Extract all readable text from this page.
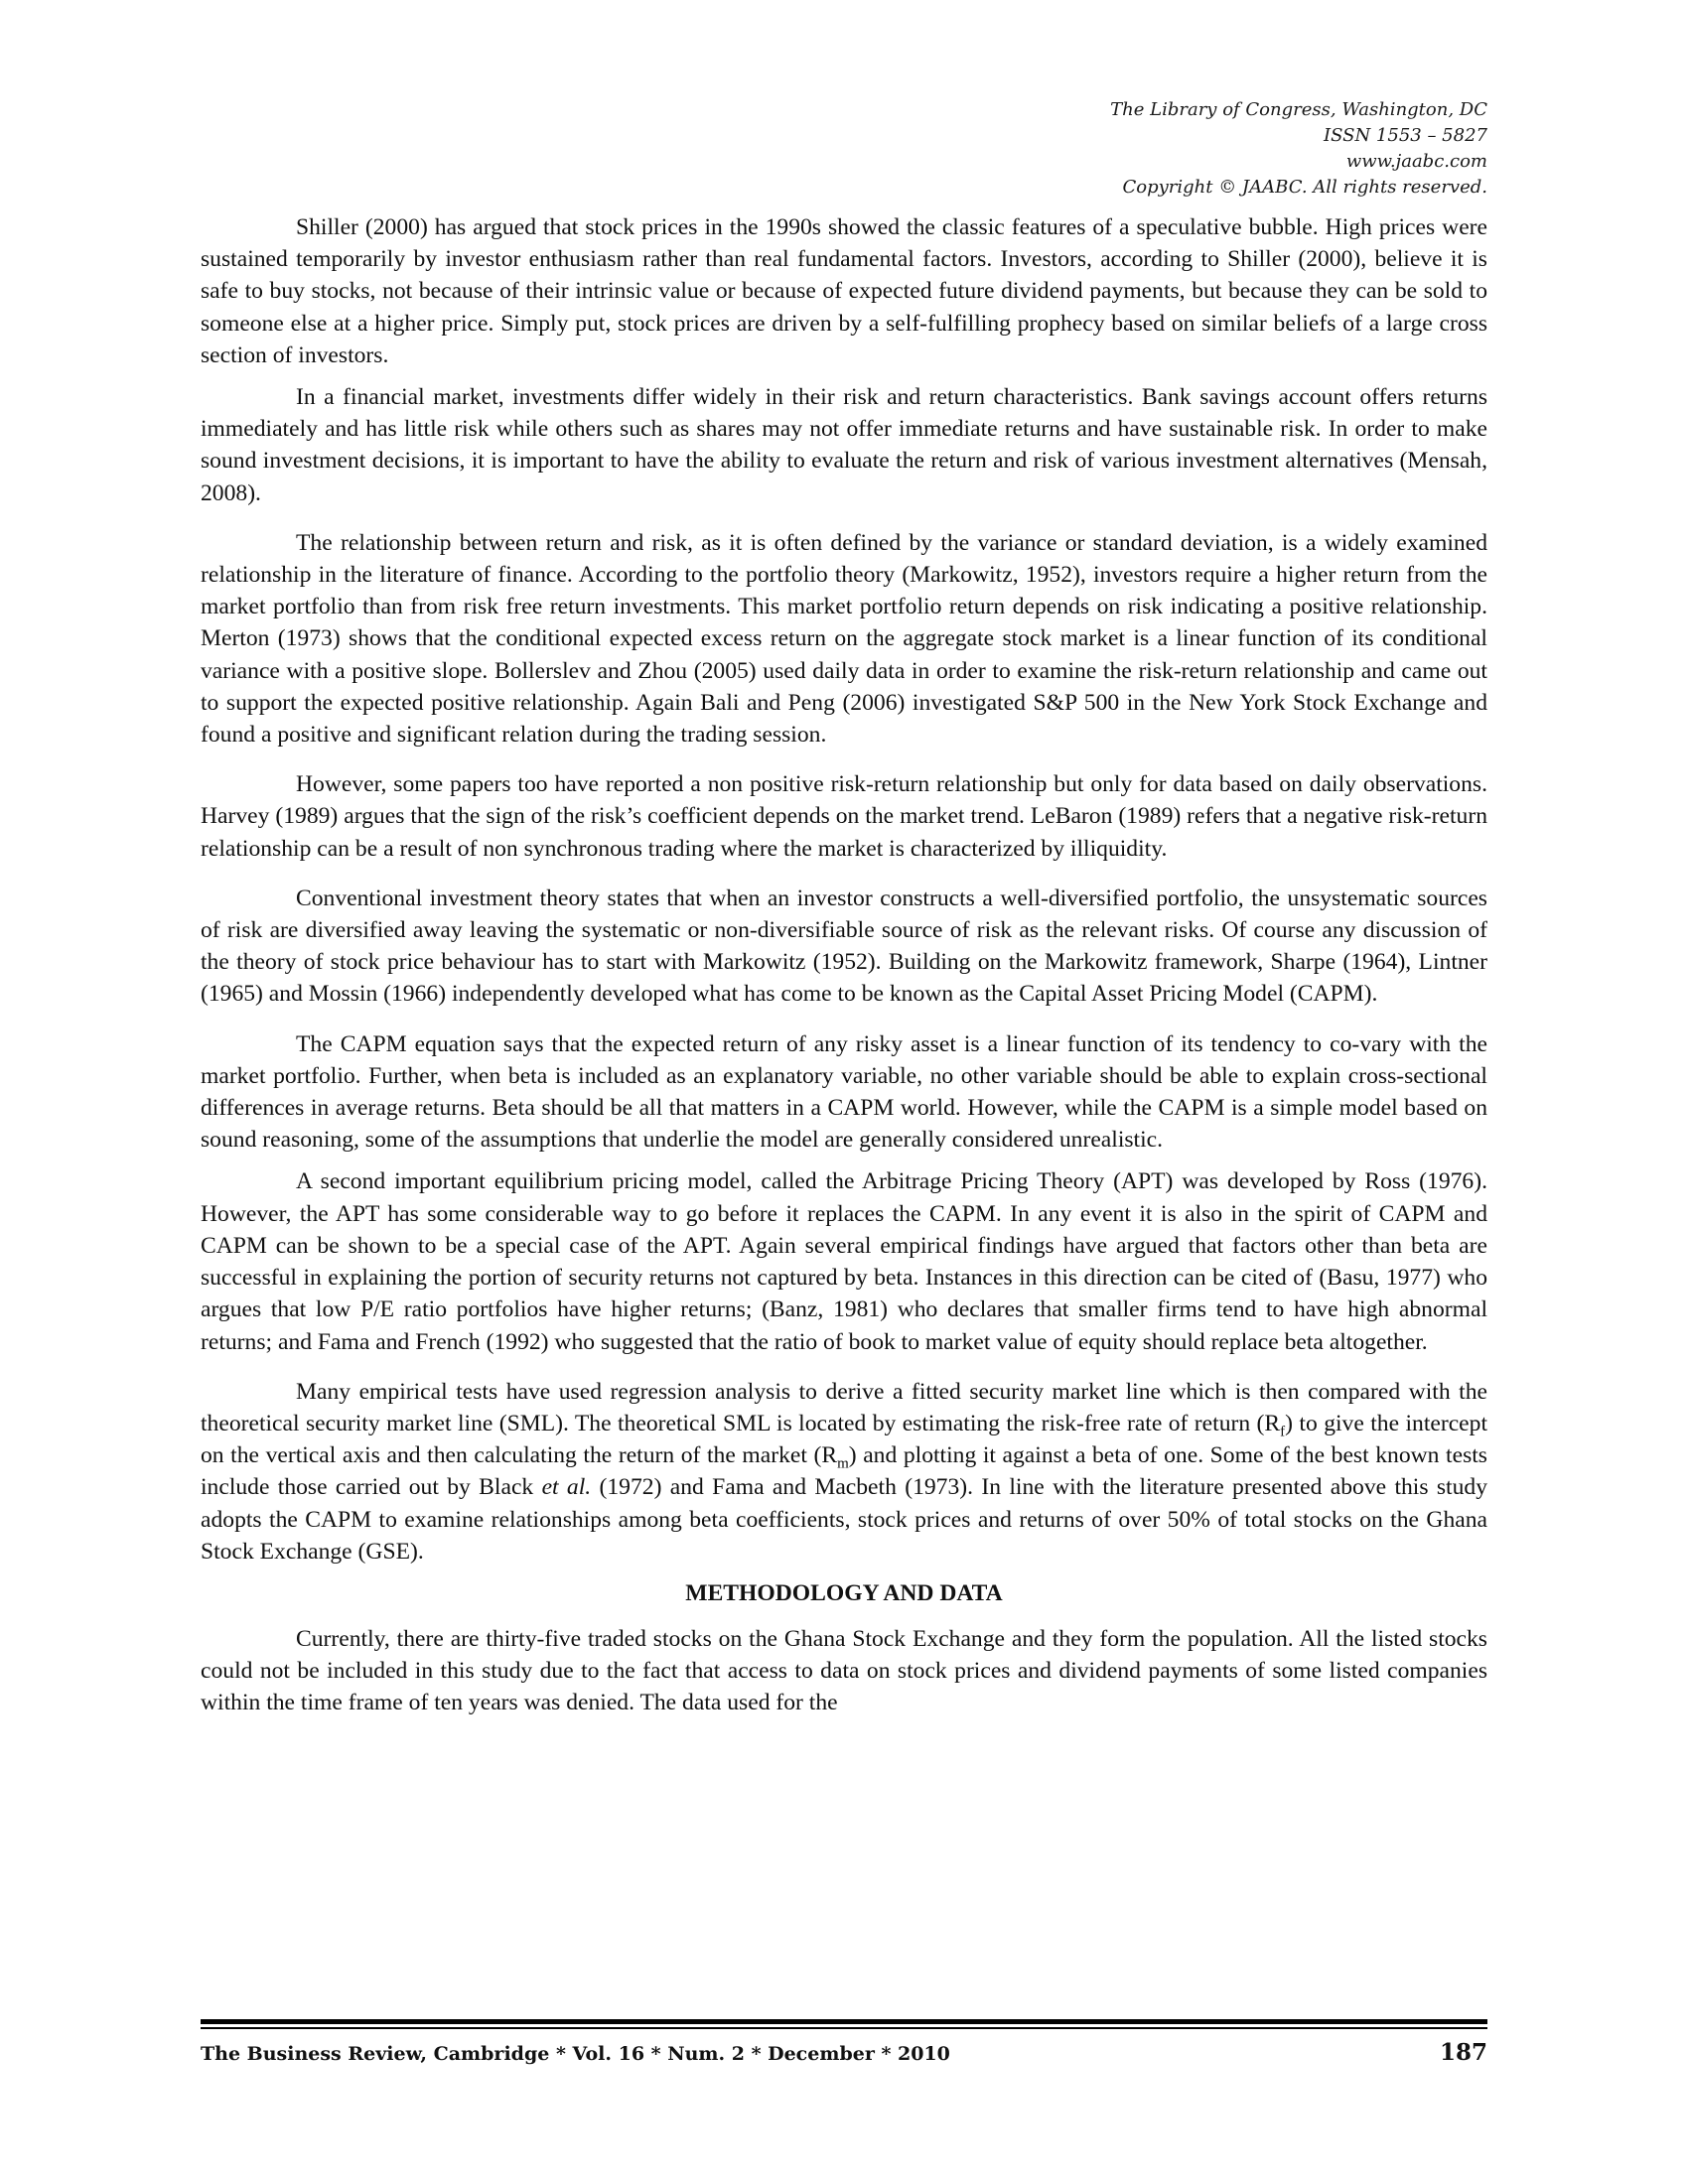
The Library of Congress, Washington, DC
ISSN 1553 – 5827
www.jaabc.com
Copyright © JAABC. All rights reserved.

Shiller (2000) has argued that stock prices in the 1990s showed the classic features of a speculative bubble. High prices were sustained temporarily by investor enthusiasm rather than real fundamental factors. Investors, according to Shiller (2000), believe it is safe to buy stocks, not because of their intrinsic value or because of expected future dividend payments, but because they can be sold to someone else at a higher price. Simply put, stock prices are driven by a self-fulfilling prophecy based on similar beliefs of a large cross section of investors.

In a financial market, investments differ widely in their risk and return characteristics. Bank savings account offers returns immediately and has little risk while others such as shares may not offer immediate returns and have sustainable risk. In order to make sound investment decisions, it is important to have the ability to evaluate the return and risk of various investment alternatives (Mensah, 2008).

The relationship between return and risk, as it is often defined by the variance or standard deviation, is a widely examined relationship in the literature of finance. According to the portfolio theory (Markowitz, 1952), investors require a higher return from the market portfolio than from risk free return investments. This market portfolio return depends on risk indicating a positive relationship. Merton (1973) shows that the conditional expected excess return on the aggregate stock market is a linear function of its conditional variance with a positive slope. Bollerslev and Zhou (2005) used daily data in order to examine the risk-return relationship and came out to support the expected positive relationship. Again Bali and Peng (2006) investigated S&P 500 in the New York Stock Exchange and found a positive and significant relation during the trading session.

However, some papers too have reported a non positive risk-return relationship but only for data based on daily observations. Harvey (1989) argues that the sign of the risk’s coefficient depends on the market trend. LeBaron (1989) refers that a negative risk-return relationship can be a result of non synchronous trading where the market is characterized by illiquidity.

Conventional investment theory states that when an investor constructs a well-diversified portfolio, the unsystematic sources of risk are diversified away leaving the systematic or non-diversifiable source of risk as the relevant risks. Of course any discussion of the theory of stock price behaviour has to start with Markowitz (1952). Building on the Markowitz framework, Sharpe (1964), Lintner (1965) and Mossin (1966) independently developed what has come to be known as the Capital Asset Pricing Model (CAPM).

The CAPM equation says that the expected return of any risky asset is a linear function of its tendency to co-vary with the market portfolio. Further, when beta is included as an explanatory variable, no other variable should be able to explain cross-sectional differences in average returns. Beta should be all that matters in a CAPM world. However, while the CAPM is a simple model based on sound reasoning, some of the assumptions that underlie the model are generally considered unrealistic.

A second important equilibrium pricing model, called the Arbitrage Pricing Theory (APT) was developed by Ross (1976). However, the APT has some considerable way to go before it replaces the CAPM. In any event it is also in the spirit of CAPM and CAPM can be shown to be a special case of the APT. Again several empirical findings have argued that factors other than beta are successful in explaining the portion of security returns not captured by beta. Instances in this direction can be cited of (Basu, 1977) who argues that low P/E ratio portfolios have higher returns; (Banz, 1981) who declares that smaller firms tend to have high abnormal returns; and Fama and French (1992) who suggested that the ratio of book to market value of equity should replace beta altogether.

Many empirical tests have used regression analysis to derive a fitted security market line which is then compared with the theoretical security market line (SML). The theoretical SML is located by estimating the risk-free rate of return $(R_f)$ to give the intercept on the vertical axis and then calculating the return of the market $(R_m)$ and plotting it against a beta of one. Some of the best known tests include those carried out by Black et al. (1972) and Fama and Macbeth (1973). In line with the literature presented above this study adopts the CAPM to examine relationships among beta coefficients, stock prices and returns of over 50% of total stocks on the Ghana Stock Exchange (GSE).

METHODOLOGY AND DATA

Currently, there are thirty-five traded stocks on the Ghana Stock Exchange and they form the population. All the listed stocks could not be included in this study due to the fact that access to data on stock prices and dividend payments of some listed companies within the time frame of ten years was denied. The data used for the

The Business Review, Cambridge * Vol. 16 * Num. 2 * December * 2010	187
